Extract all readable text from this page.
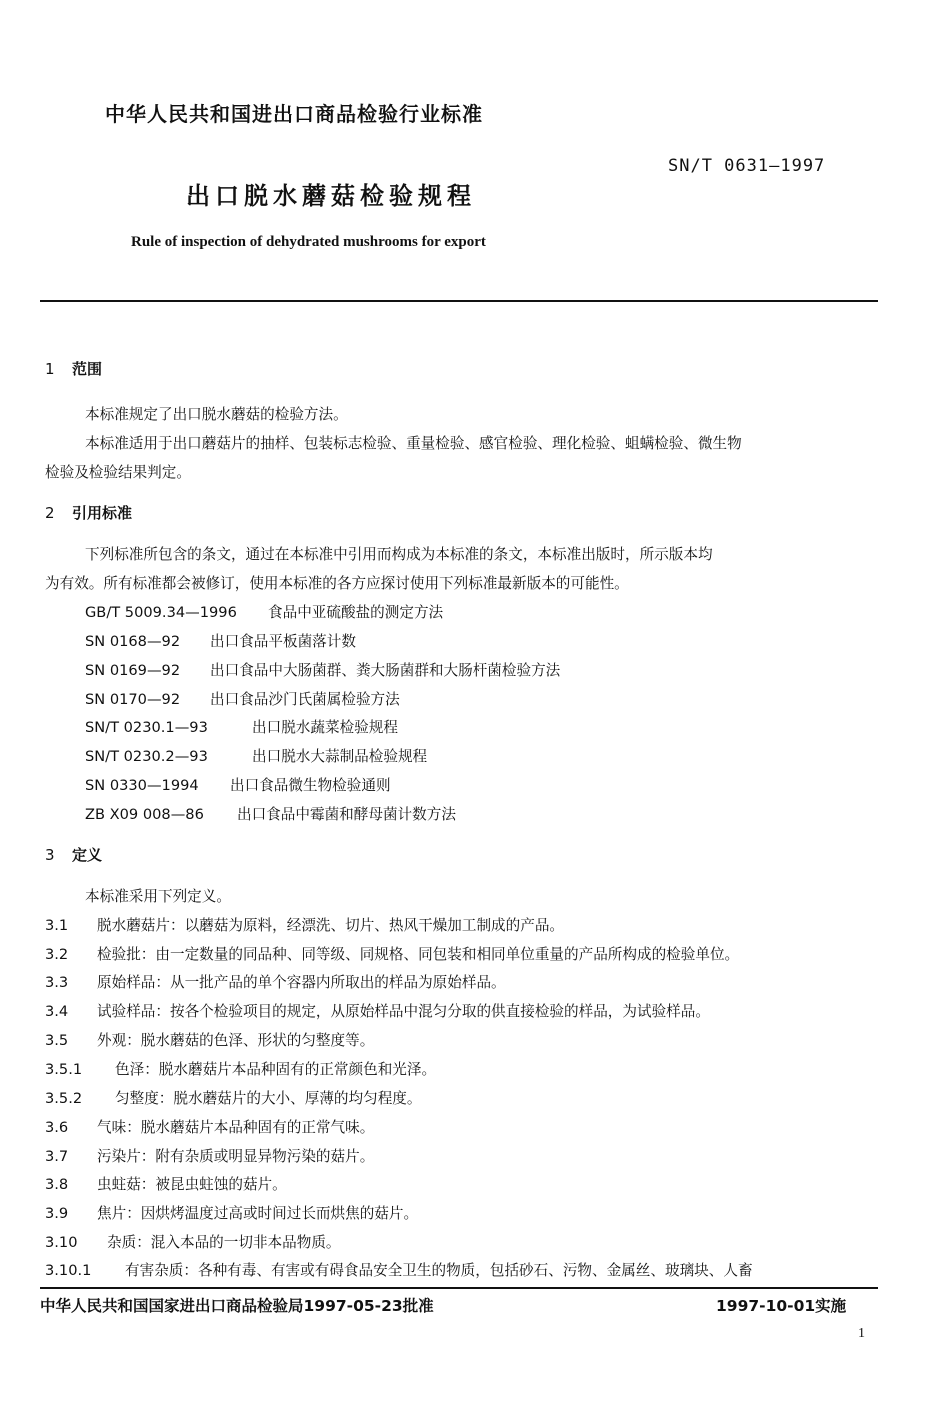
中华人民共和国进出口商品检验行业标准
SN/T 0631—1997
出口脱水蘑菇检验规程
Rule of inspection of dehydrated mushrooms for export
1 范围
本标准规定了出口脱水蘑菇的检验方法。
本标准适用于出口蘑菇片的抽样、包装标志检验、重量检验、感官检验、理化检验、蛆螨检验、微生物
检验及检验结果判定。
2 引用标准
下列标准所包含的条文，通过在本标准中引用而构成为本标准的条文，本标准出版时，所示版本均
为有效。所有标准都会被修订，使用本标准的各方应探讨使用下列标准最新版本的可能性。
GB/T 5009.34—1996 食品中亚硫酸盐的测定方法
SN 0168—92 出口食品平板菌落计数
SN 0169—92 出口食品中大肠菌群、粪大肠菌群和大肠杆菌检验方法
SN 0170—92 出口食品沙门氏菌属检验方法
SN/T 0230.1—93	出口脱水蔬菜检验规程
SN/T 0230.2—93	出口脱水大蒜制品检验规程
SN 0330—1994 出口食品微生物检验通则
ZB X09 008—86 出口食品中霉菌和酵母菌计数方法
3 定义
本标准采用下列定义。
3.1 脱水蘑菇片：以蘑菇为原料，经漂洗、切片、热风干燥加工制成的产品。
3.2 检验批：由一定数量的同品种、同等级、同规格、同包装和相同单位重量的产品所构成的检验单位。
3.3 原始样品：从一批产品的单个容器内所取出的样品为原始样品。
3.4 试验样品：按各个检验项目的规定，从原始样品中混匀分取的供直接检验的样品，为试验样品。
3.5 外观：脱水蘑菇的色泽、形状的匀整度等。
3.5.1 色泽：脱水蘑菇片本品种固有的正常颜色和光泽。
3.5.2 匀整度：脱水蘑菇片的大小、厚薄的均匀程度。
3.6 气味：脱水蘑菇片本品种固有的正常气味。
3.7 污染片：附有杂质或明显异物污染的菇片。
3.8 虫蛀菇：被昆虫蛀蚀的菇片。
3.9 焦片：因烘烤温度过高或时间过长而烘焦的菇片。
3.10 杂质：混入本品的一切非本品物质。
3.10.1 有害杂质：各种有毒、有害或有碍食品安全卫生的物质，包括砂石、污物、金属丝、玻璃块、人畜
中华人民共和国国家进出口商品检验局1997-05-23批准	1997-10-01实施
1
